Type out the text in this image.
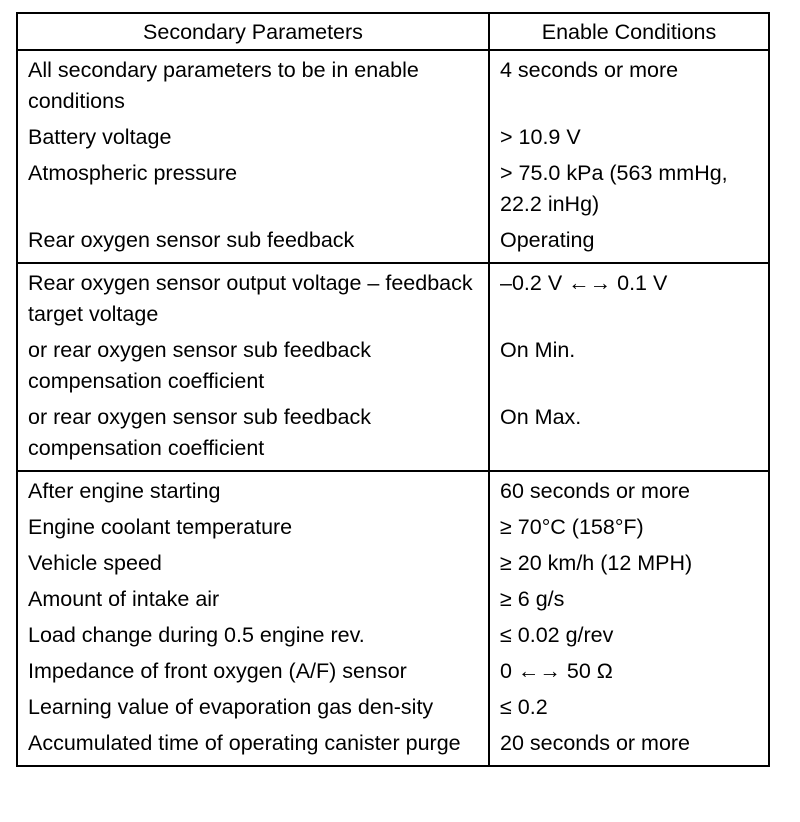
Secondary Parameters	Enable Conditions
All secondary parameters to be in enable conditions	4 seconds or more
Battery voltage	> 10.9 V
Atmospheric pressure	> 75.0 kPa (563 mmHg, 22.2 inHg)
Rear oxygen sensor sub feedback	Operating
Rear oxygen sensor output voltage – feedback target voltage	–0.2 V ←→ 0.1 V
or rear oxygen sensor sub feedback compensation coefficient	On Min.
or rear oxygen sensor sub feedback compensation coefficient	On Max.
After engine starting	60 seconds or more
Engine coolant temperature	≥ 70°C (158°F)
Vehicle speed	≥ 20 km/h (12 MPH)
Amount of intake air	≥ 6 g/s
Load change during 0.5 engine rev.	≤ 0.02 g/rev
Impedance of front oxygen (A/F) sensor	0 ←→ 50 Ω
Learning value of evaporation gas den-sity	≤ 0.2
Accumulated time of operating canister purge	20 seconds or more
